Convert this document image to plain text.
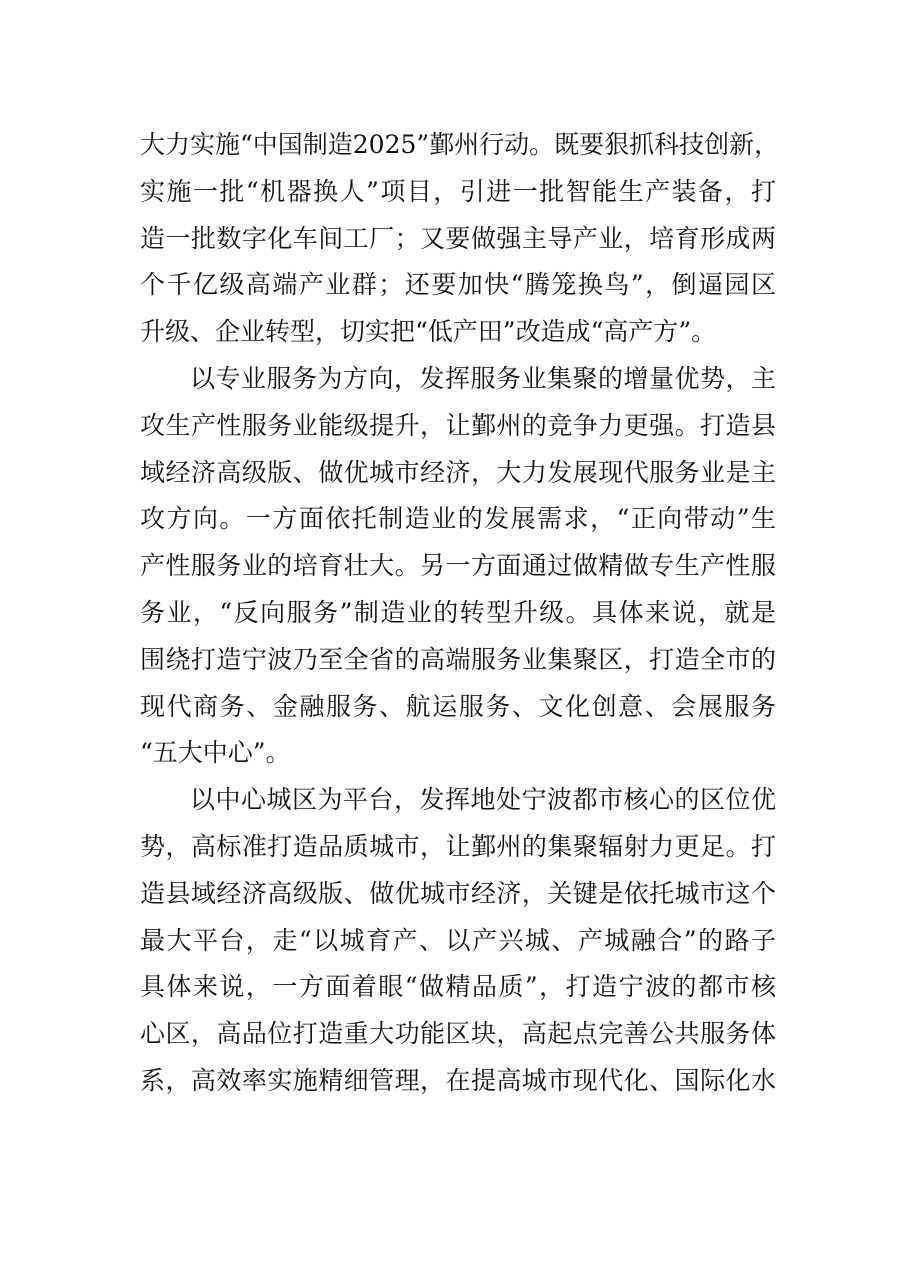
大力实施“中国制造2025”鄞州行动。既要狠抓科技创新，
实施一批“机器换人”项目，引进一批智能生产装备，打
造一批数字化车间工厂；又要做强主导产业，培育形成两
个千亿级高端产业群；还要加快“腾笼换鸟”，倒逼园区
升级、企业转型，切实把“低产田”改造成“高产方”。
以专业服务为方向，发挥服务业集聚的增量优势，主
攻生产性服务业能级提升，让鄞州的竞争力更强。打造县
域经济高级版、做优城市经济，大力发展现代服务业是主
攻方向。一方面依托制造业的发展需求，“正向带动”生
产性服务业的培育壮大。另一方面通过做精做专生产性服
务业，“反向服务”制造业的转型升级。具体来说，就是
围绕打造宁波乃至全省的高端服务业集聚区，打造全市的
现代商务、金融服务、航运服务、文化创意、会展服务
“五大中心”。
以中心城区为平台，发挥地处宁波都市核心的区位优
势，高标准打造品质城市，让鄞州的集聚辐射力更足。打
造县域经济高级版、做优城市经济，关键是依托城市这个
最大平台，走“以城育产、以产兴城、产城融合”的路子
具体来说，一方面着眼“做精品质”，打造宁波的都市核
心区，高品位打造重大功能区块，高起点完善公共服务体
系，高效率实施精细管理，在提高城市现代化、国际化水
